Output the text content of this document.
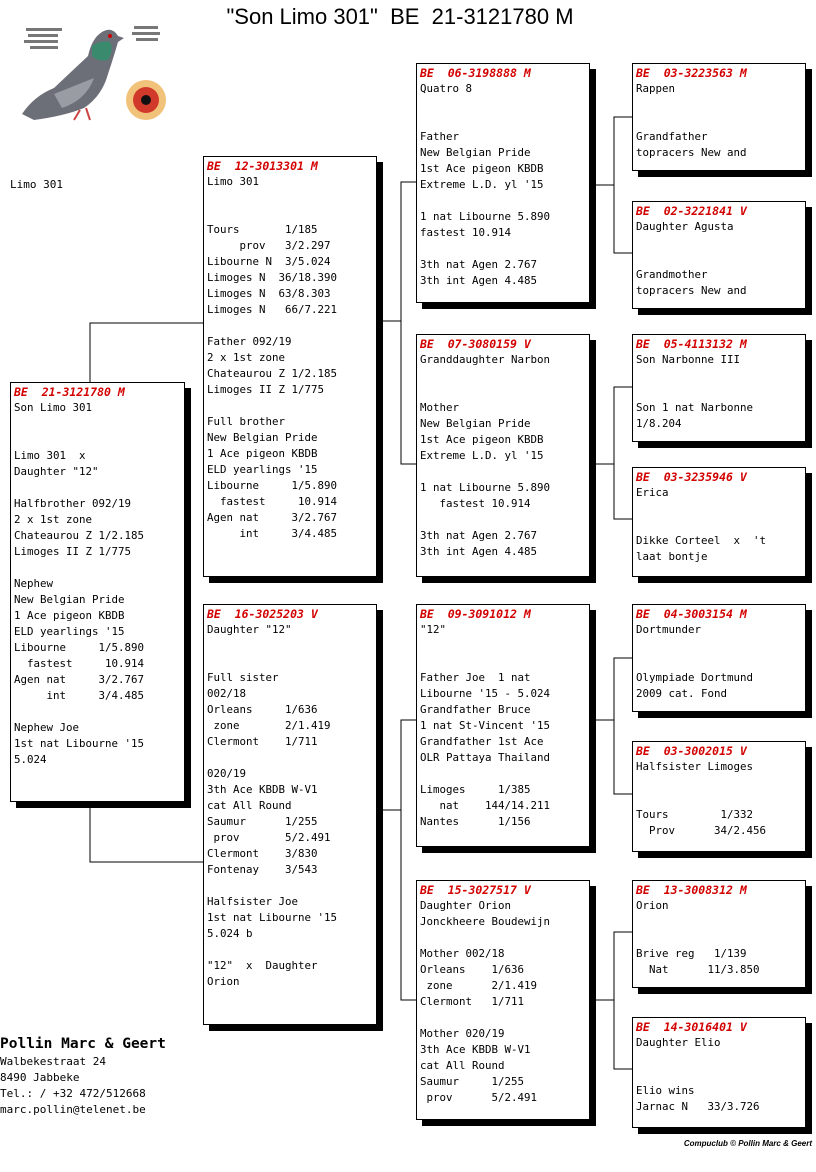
"Son Limo 301"  BE  21-3121780 M
Limo 301
BE  21-3121780 M
Son Limo 301

Limo 301  x
Daughter "12"

Halfbrother 092/19
2 x 1st zone
Chateaurou Z 1/2.185
Limoges II Z 1/775

Nephew
New Belgian Pride
1 Ace pigeon KBDB
ELD yearlings '15
Libourne     1/5.890
fastest     10.914
Agen nat     3/2.767
int     3/4.485

Nephew Joe
1st nat Libourne '15
5.024
BE  12-3013301 M
Limo 301

Tours       1/185
prov   3/2.297
Libourne N  3/5.024
Limoges N  36/18.390
Limoges N  63/8.303
Limoges N   66/7.221

Father 092/19
2 x 1st zone
Chateaurou Z 1/2.185
Limoges II Z 1/775

Full brother
New Belgian Pride
1 Ace pigeon KBDB
ELD yearlings '15
Libourne     1/5.890
fastest     10.914
Agen nat     3/2.767
int     3/4.485
BE  16-3025203 V
Daughter "12"

Full sister
002/18
Orleans     1/636
zone       2/1.419
Clermont    1/711

020/19
3th Ace KBDB W-V1
cat All Round
Saumur      1/255
prov       5/2.491
Clermont    3/830
Fontenay    3/543

Halfsister Joe
1st nat Libourne '15
5.024 b

"12"  x  Daughter
Orion
BE  06-3198888 M
Quatro 8

Father
New Belgian Pride
1st Ace pigeon KBDB
Extreme L.D. yl '15

1 nat Libourne 5.890
fastest 10.914

3th nat Agen 2.767
3th int Agen 4.485
BE  07-3080159 V
Granddaughter Narbon

Mother
New Belgian Pride
1st Ace pigeon KBDB
Extreme L.D. yl '15

1 nat Libourne 5.890
fastest 10.914

3th nat Agen 2.767
3th int Agen 4.485
BE  09-3091012 M
"12"

Father Joe  1 nat
Libourne '15 - 5.024
Grandfather Bruce
1 nat St-Vincent '15
Grandfather 1st Ace
OLR Pattaya Thailand

Limoges     1/385
nat    144/14.211
Nantes      1/156
BE  15-3027517 V
Daughter Orion
Jonckheere Boudewijn

Mother 002/18
Orleans    1/636
zone      2/1.419
Clermont   1/711

Mother 020/19
3th Ace KBDB W-V1
cat All Round
Saumur     1/255
prov      5/2.491
BE  03-3223563 M
Rappen

Grandfather
topracers New and
BE  02-3221841 V
Daughter Agusta

Grandmother
topracers New and
BE  05-4113132 M
Son Narbonne III

Son 1 nat Narbonne
1/8.204
BE  03-3235946 V
Erica

Dikke Corteel  x  't
laat bontje
BE  04-3003154 M
Dortmunder

Olympiade Dortmund
2009 cat. Fond
BE  03-3002015 V
Halfsister Limoges

Tours        1/332
Prov      34/2.456
BE  13-3008312 M
Orion

Brive reg   1/139
Nat      11/3.850
BE  14-3016401 V
Daughter Elio

Elio wins
Jarnac N   33/3.726
Pollin Marc & Geert
Walbekestraat 24
8490 Jabbeke
Tel.: / +32 472/512668
marc.pollin@telenet.be
Compuclub © Pollin Marc & Geert
